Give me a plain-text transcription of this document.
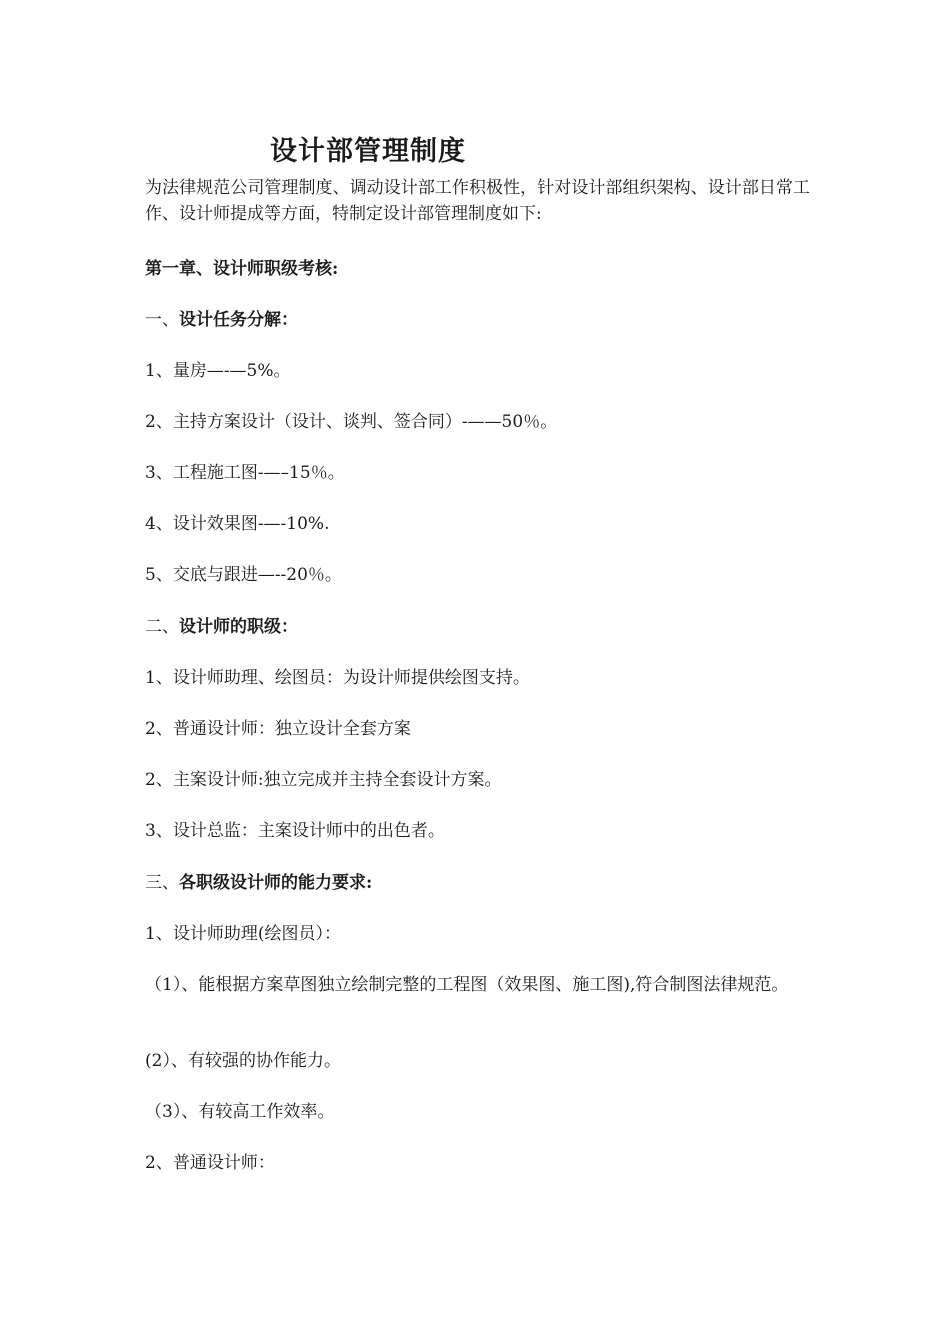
设计部管理制度
为法律规范公司管理制度、调动设计部工作积极性，针对设计部组织架构、设计部日常工作、设计师提成等方面，特制定设计部管理制度如下:
第一章、设计师职级考核:
一、设计任务分解：
1、量房—-—5%。
2、主持方案设计（设计、谈判、签合同）-——50％。
3、工程施工图-—–15％。
4、设计效果图-—-10%.
5、交底与跟进—--20％。
二、设计师的职级：
1、设计师助理、绘图员：为设计师提供绘图支持。
2、普通设计师：独立设计全套方案
2、主案设计师:独立完成并主持全套设计方案。
3、设计总监：主案设计师中的出色者。
三、各职级设计师的能力要求:
1、设计师助理(绘图员）：
（1）、能根据方案草图独立绘制完整的工程图（效果图、施工图),符合制图法律规范。
(2）、有较强的协作能力。
（3）、有较高工作效率。
2、普通设计师：
